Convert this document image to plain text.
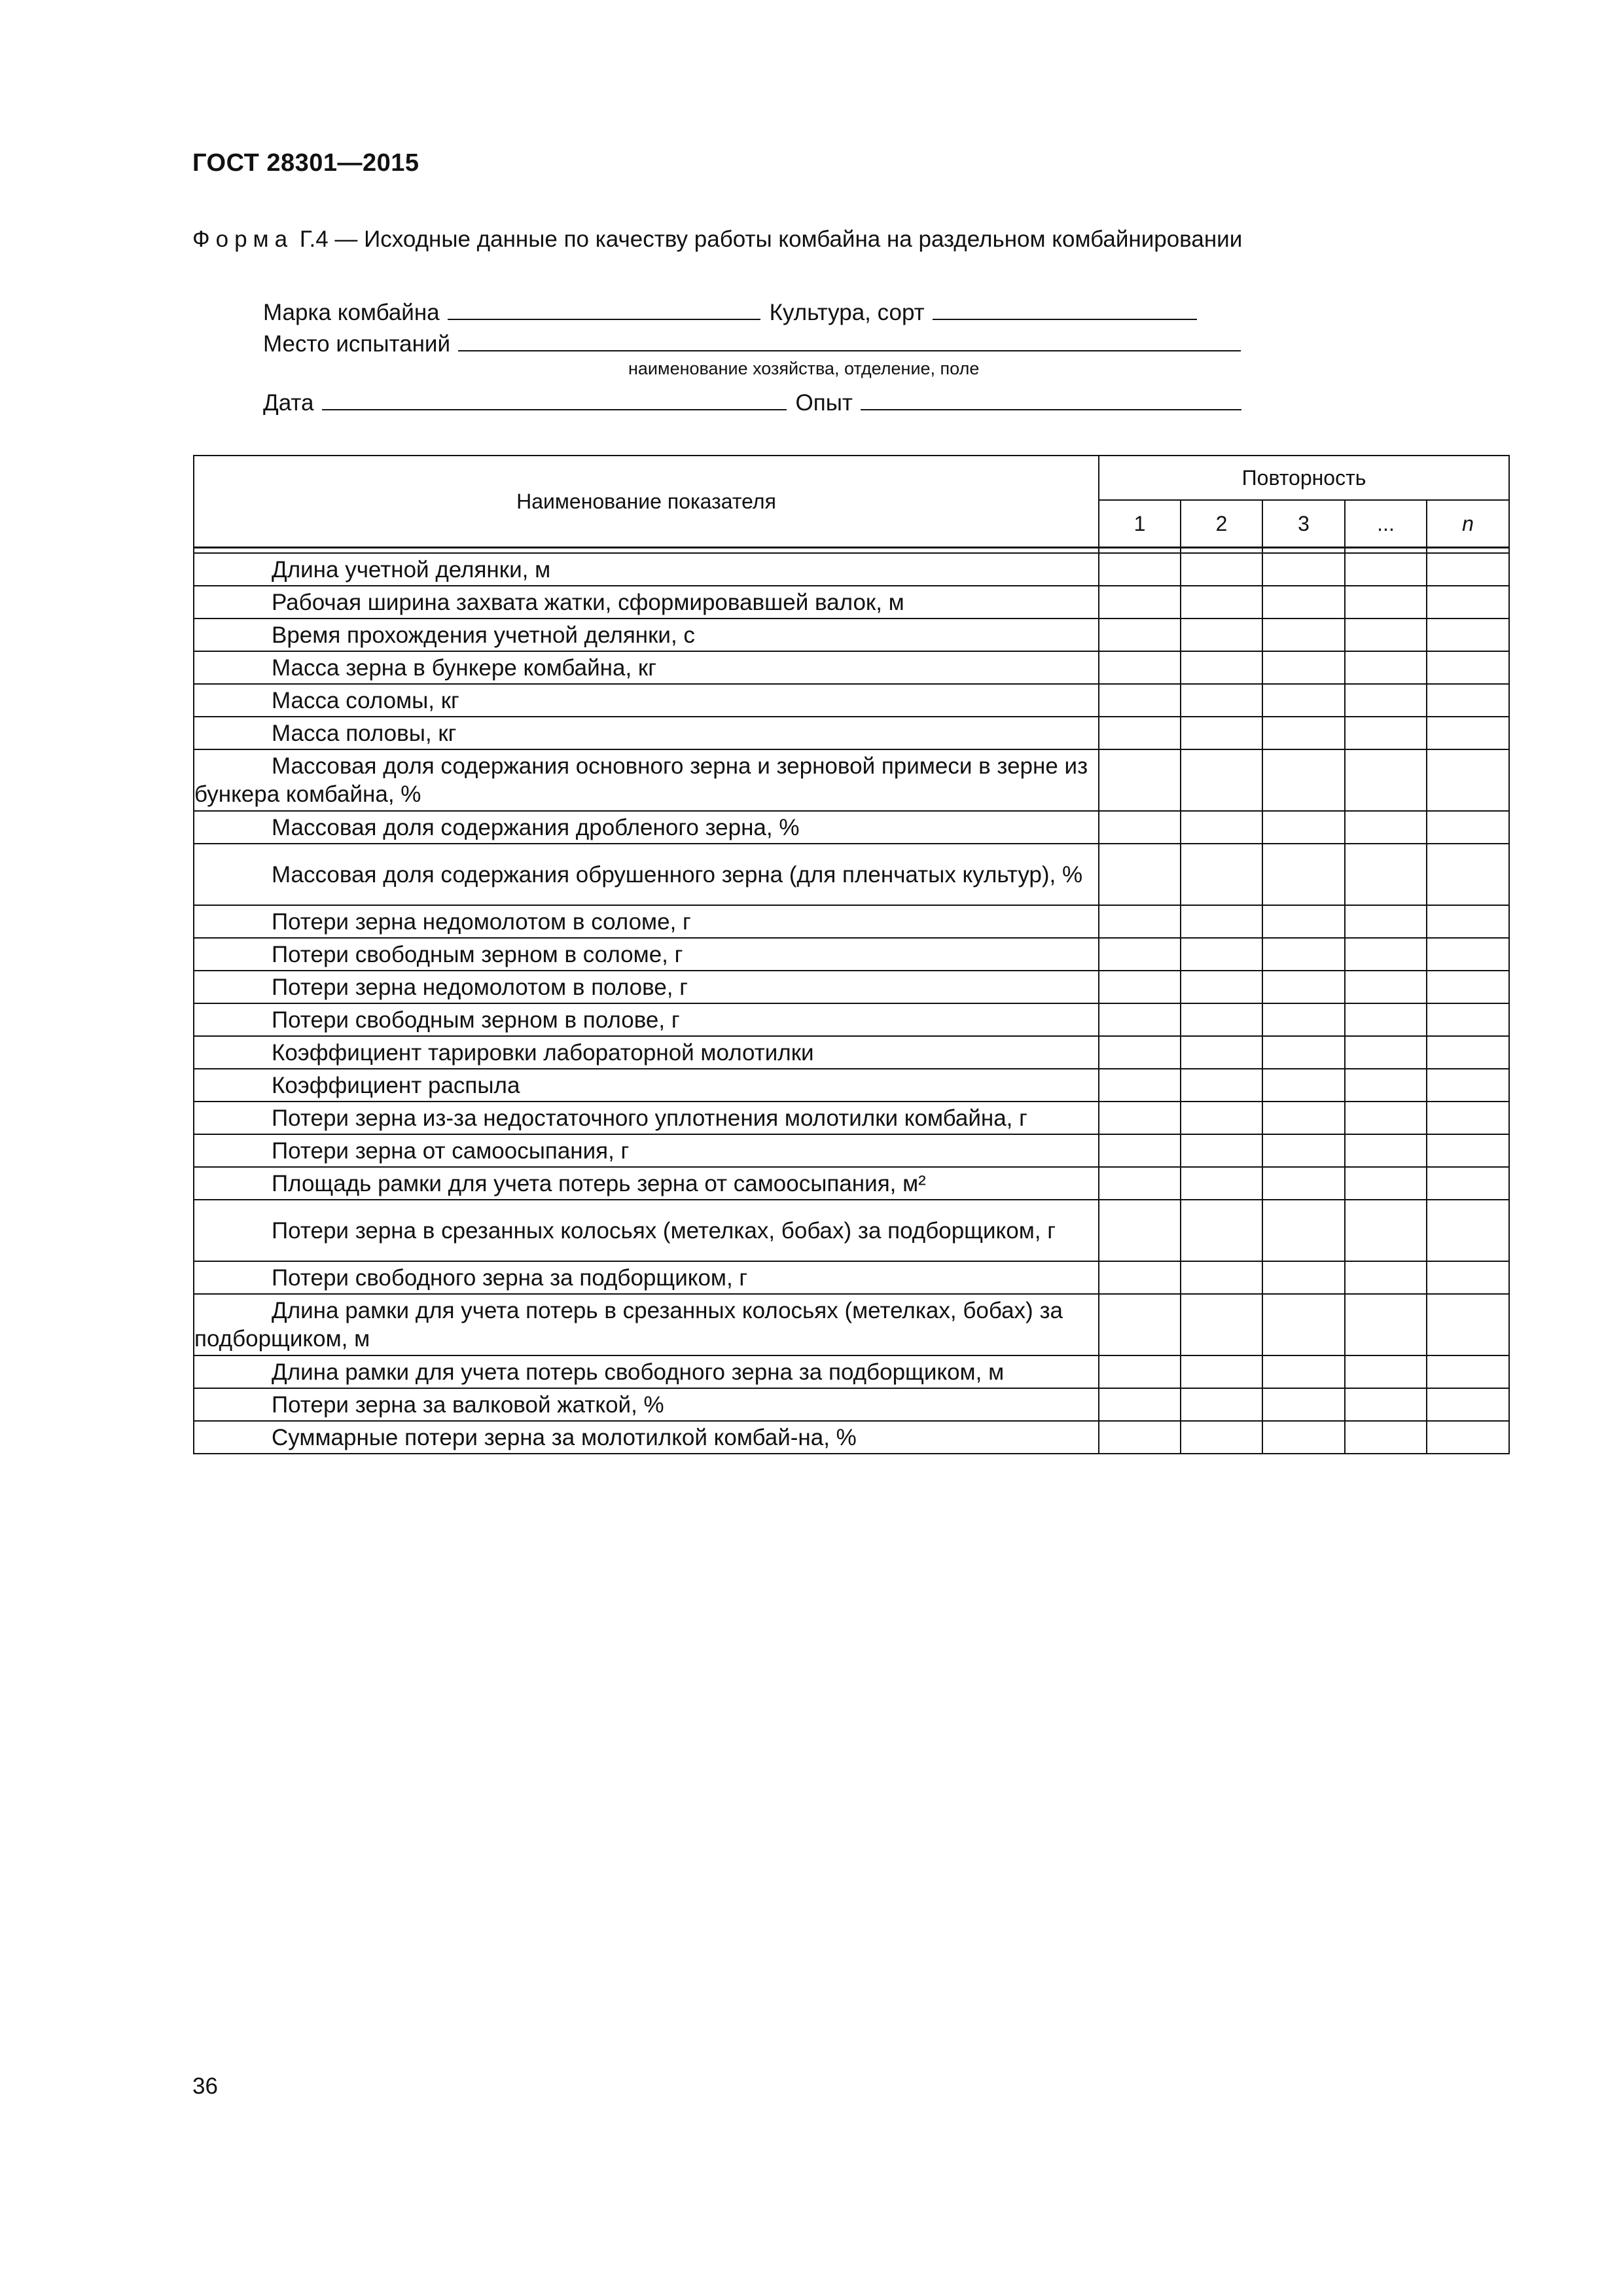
ГОСТ 28301—2015
Форма Г.4 — Исходные данные по качеству работы комбайна на раздельном комбайнировании
Марка комбайна	Культура, сорт
Место испытаний
наименование хозяйства, отделение, поле
Дата	Опыт
Наименование показателя	Повторность				
	1	2	3	...	n

Длина учетной делянки, м					
Рабочая ширина захвата жатки, сформировавшей валок, м					
Время прохождения учетной делянки, с					
Масса зерна в бункере комбайна, кг					
Масса соломы, кг					
Масса половы, кг					
Массовая доля содержания основного зерна и зерновой примеси в зерне из бункера комбайна, %					
Массовая доля содержания дробленого зерна, %					
Массовая доля содержания обрушенного зерна (для пленчатых культур), %					
Потери зерна недомолотом в соломе, г					
Потери свободным зерном в соломе, г					
Потери зерна недомолотом в полове, г					
Потери свободным зерном в полове, г					
Коэффициент тарировки лабораторной молотилки					
Коэффициент распыла					
Потери зерна из-за недостаточного уплотнения молотилки комбайна, г					
Потери зерна от самоосыпания, г					
Площадь рамки для учета потерь зерна от самоосыпания, м²					
Потери зерна в срезанных колосьях (метелках, бобах) за подборщиком, г					
Потери свободного зерна за подборщиком, г					
Длина рамки для учета потерь в срезанных колосьях (метелках, бобах) за подборщиком, м					
Длина рамки для учета потерь свободного зерна за подборщиком, м					
Потери зерна за валковой жаткой, %					
Суммарные потери зерна за молотилкой комбай-на, %					
36
